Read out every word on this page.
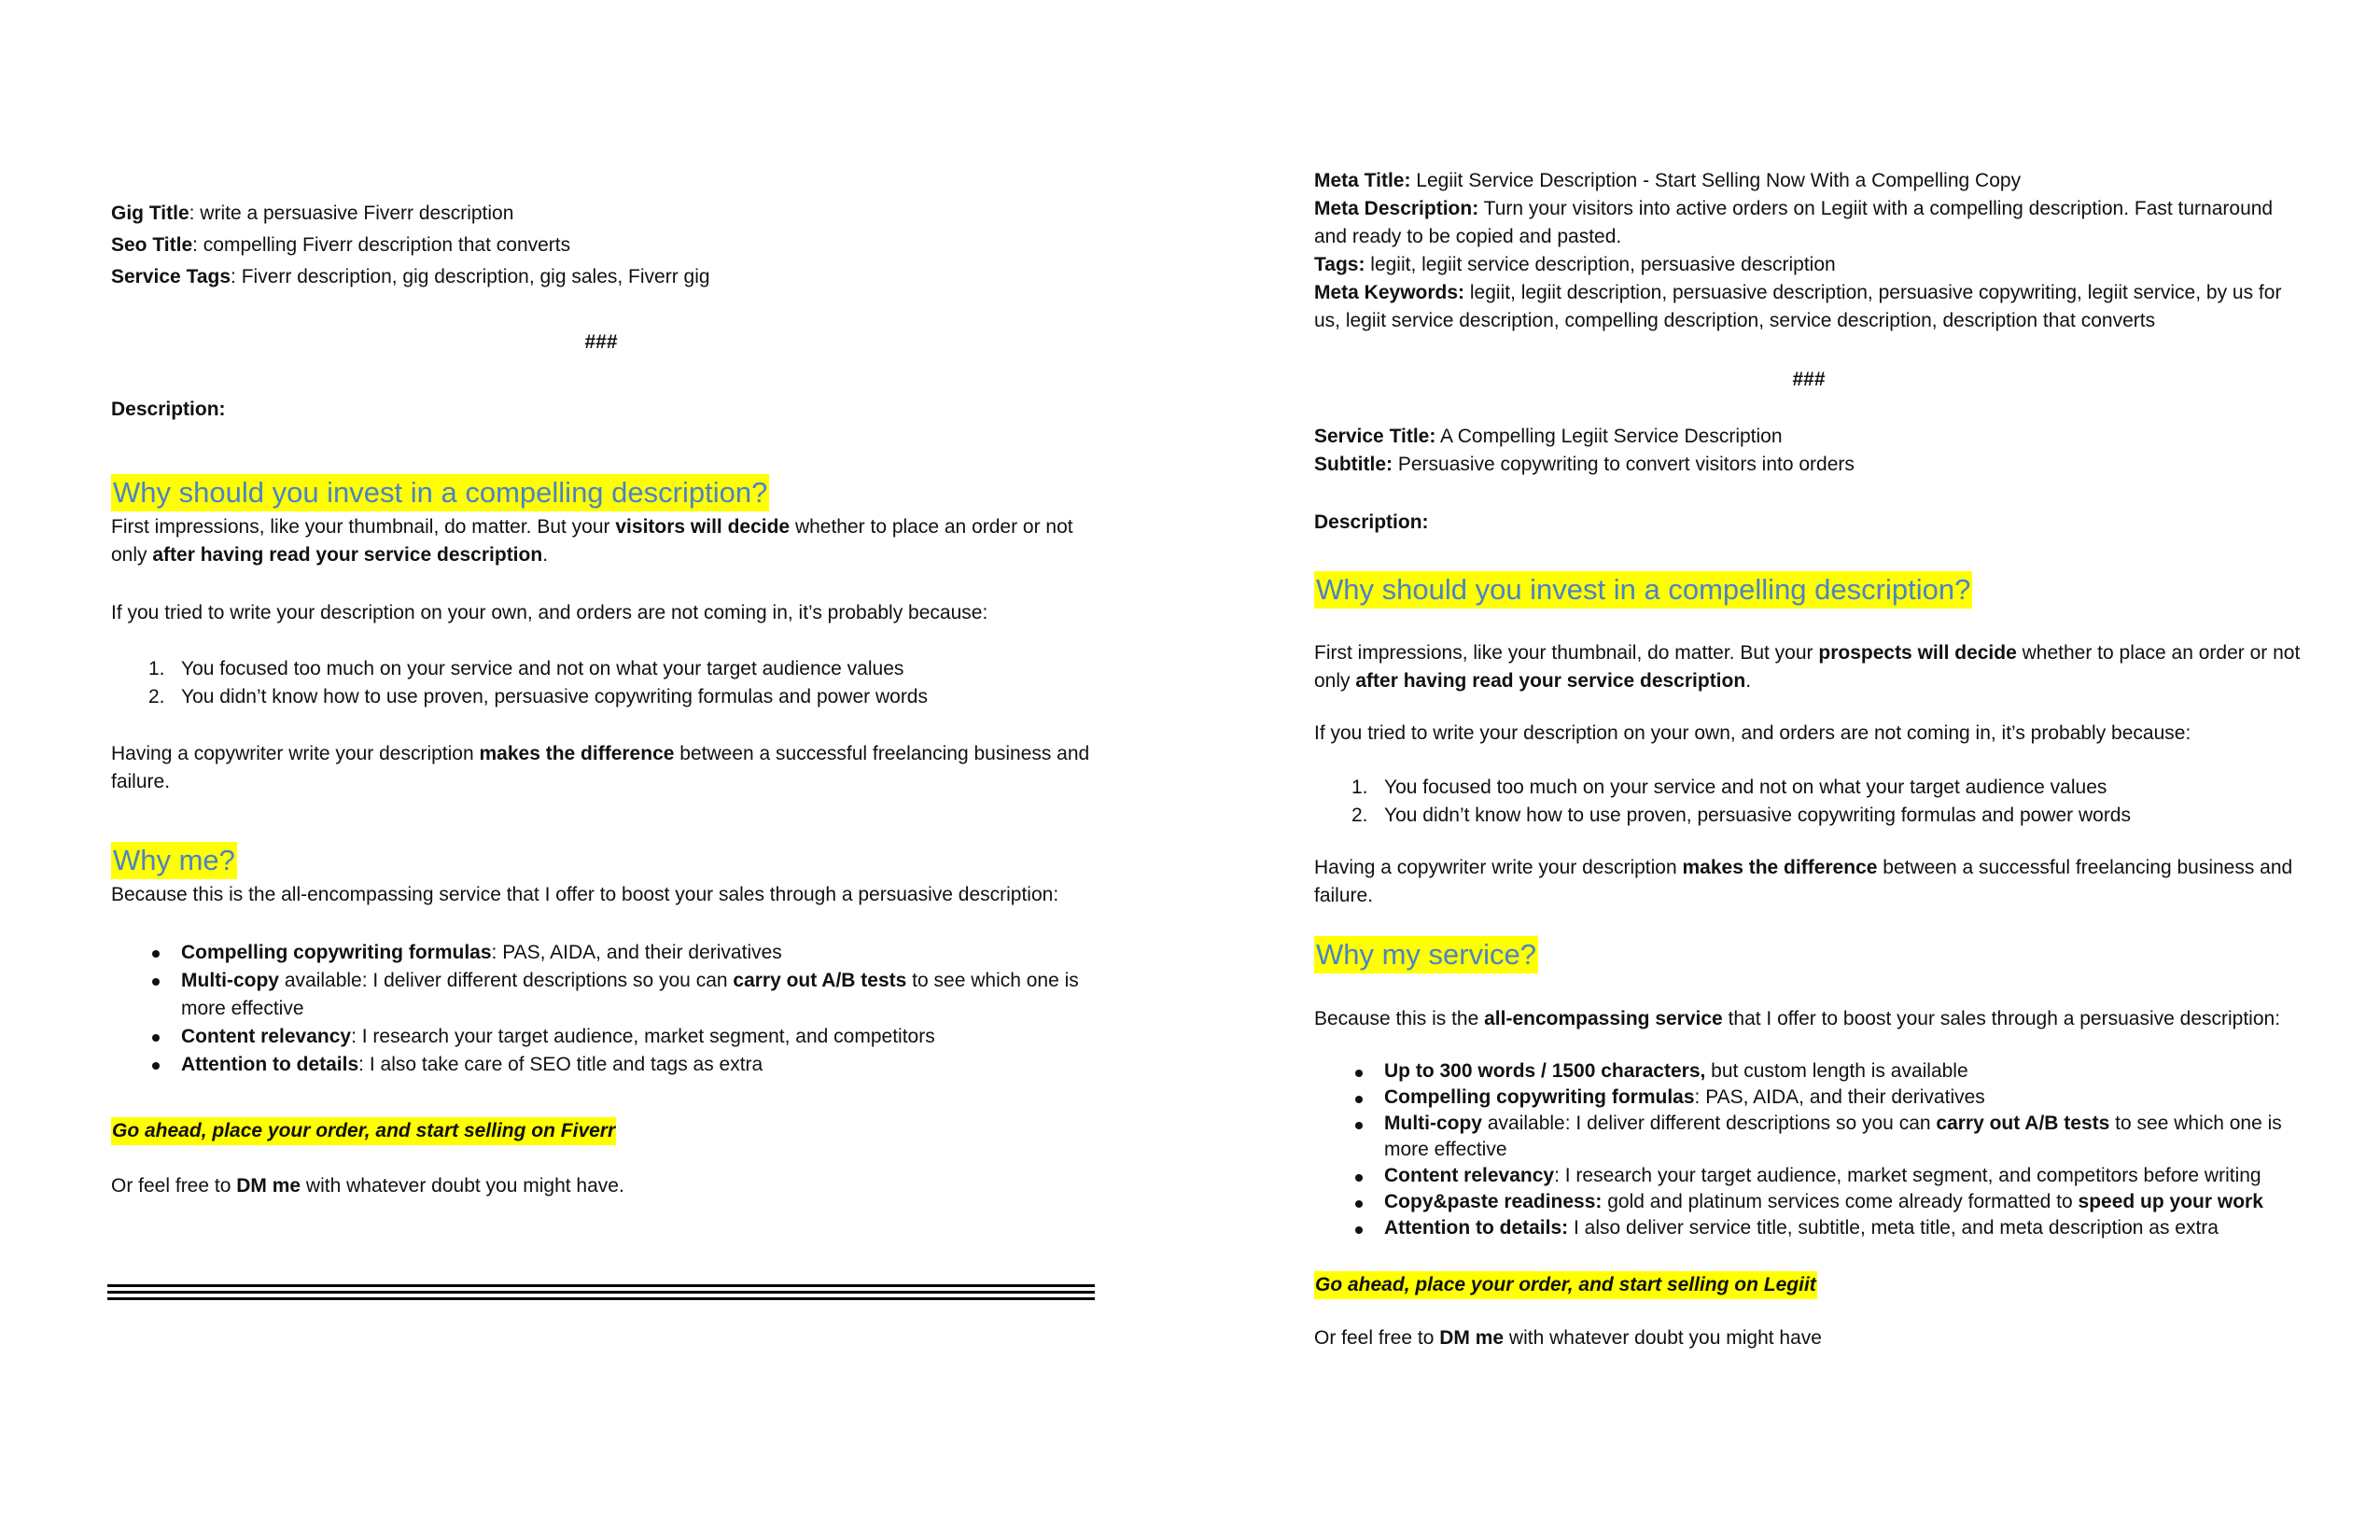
Gig Title: write a persuasive Fiverr description

Seo Title: compelling Fiverr description that converts

Service Tags: Fiverr description, gig description, gig sales, Fiverr gig

###

Description:

Why should you invest in a compelling description?

First impressions, like your thumbnail, do matter. But your visitors will decide whether to place an order or not only after having read your service description.

If you tried to write your description on your own, and orders are not coming in, it’s probably because:

1. You focused too much on your service and not on what your target audience values
2. You didn’t know how to use proven, persuasive copywriting formulas and power words

Having a copywriter write your description makes the difference between a successful freelancing business and failure.

Why me?

Because this is the all-encompassing service that I offer to boost your sales through a persuasive description:

Compelling copywriting formulas: PAS, AIDA, and their derivatives
Multi-copy available: I deliver different descriptions so you can carry out A/B tests to see which one is more effective
Content relevancy: I research your target audience, market segment, and competitors
Attention to details: I also take care of SEO title and tags as extra
Go ahead, place your order, and start selling on Fiverr

Or feel free to DM me with whatever doubt you might have.

Meta Title: Legiit Service Description - Start Selling Now With a Compelling Copy

Meta Description: Turn your visitors into active orders on Legiit with a compelling description. Fast turnaround and ready to be copied and pasted.

Tags: legiit, legiit service description, persuasive description

Meta Keywords: legiit, legiit description, persuasive description, persuasive copywriting, legiit service, by us for us, legiit service description, compelling description, service description, description that converts

###

Service Title: A Compelling Legiit Service Description

Subtitle: Persuasive copywriting to convert visitors into orders

Description:

Why should you invest in a compelling description?

First impressions, like your thumbnail, do matter. But your prospects will decide whether to place an order or not only after having read your service description.

If you tried to write your description on your own, and orders are not coming in, it’s probably because:

1. You focused too much on your service and not on what your target audience values
2. You didn’t know how to use proven, persuasive copywriting formulas and power words

Having a copywriter write your description makes the difference between a successful freelancing business and failure.

Why my service?

Because this is the all-encompassing service that I offer to boost your sales through a persuasive description:

Up to 300 words / 1500 characters, but custom length is available
Compelling copywriting formulas: PAS, AIDA, and their derivatives
Multi-copy available: I deliver different descriptions so you can carry out A/B tests to see which one is more effective
Content relevancy: I research your target audience, market segment, and competitors before writing
Copy&paste readiness: gold and platinum services come already formatted to speed up your work
Attention to details: I also deliver service title, subtitle, meta title, and meta description as extra
Go ahead, place your order, and start selling on Legiit

Or feel free to DM me with whatever doubt you might have
